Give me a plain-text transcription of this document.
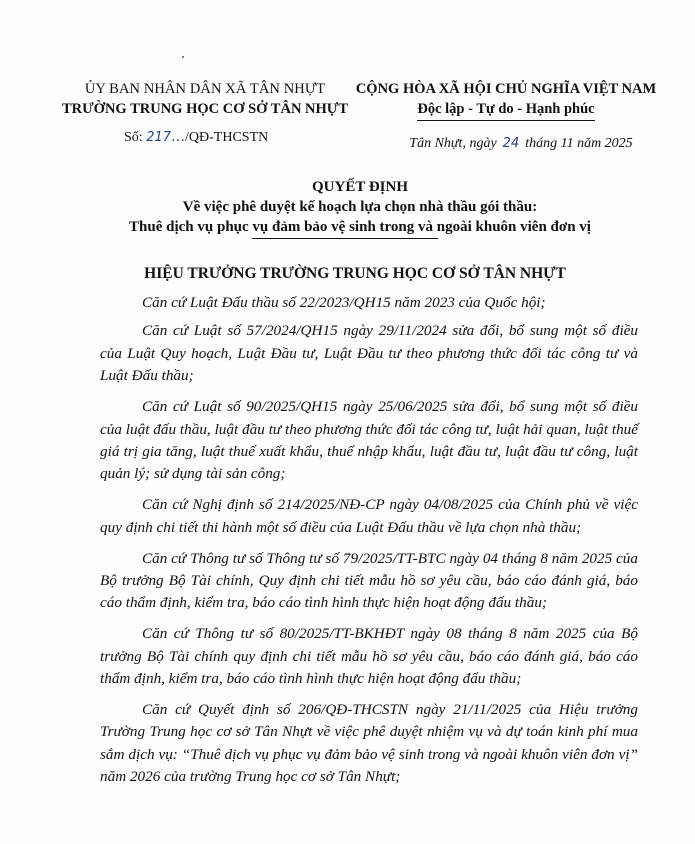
ỦY BAN NHÂN DÂN XÃ TÂN NHỰT
TRƯỜNG TRUNG HỌC CƠ SỞ TÂN NHỰT
Số: 217…/QĐ-THCSTN
CỘNG HÒA XÃ HỘI CHỦ NGHĨA VIỆT NAM
Độc lập - Tự do - Hạnh phúc
Tân Nhựt, ngày 24 tháng 11 năm 2025
QUYẾT ĐỊNH
Về việc phê duyệt kế hoạch lựa chọn nhà thầu gói thầu:
Thuê dịch vụ phục vụ đảm bảo vệ sinh trong và ngoài khuôn viên đơn vị
HIỆU TRƯỞNG TRƯỜNG TRUNG HỌC CƠ SỞ TÂN NHỰT

Căn cứ Luật Đấu thầu số 22/2023/QH15 năm 2023 của Quốc hội;

Căn cứ Luật số 57/2024/QH15 ngày 29/11/2024 sửa đổi, bổ sung một số điều của Luật Quy hoạch, Luật Đầu tư, Luật Đầu tư theo phương thức đối tác công tư và Luật Đấu thầu;

Căn cứ Luật số 90/2025/QH15 ngày 25/06/2025 sửa đổi, bổ sung một số điều của luật đấu thầu, luật đầu tư theo phương thức đối tác công tư, luật hải quan, luật thuế giá trị gia tăng, luật thuế xuất khẩu, thuế nhập khẩu, luật đầu tư, luật đầu tư công, luật quản lý; sử dụng tài sản công;

Căn cứ Nghị định số 214/2025/NĐ-CP ngày 04/08/2025 của Chính phủ về việc quy định chi tiết thi hành một số điều của Luật Đấu thầu về lựa chọn nhà thầu;

Căn cứ Thông tư số Thông tư số 79/2025/TT-BTC ngày 04 tháng 8 năm 2025 của Bộ trưởng Bộ Tài chính, Quy định chi tiết mẫu hồ sơ yêu cầu, báo cáo đánh giá, báo cáo thẩm định, kiểm tra, báo cáo tình hình thực hiện hoạt động đấu thầu;

Căn cứ Thông tư số 80/2025/TT-BKHĐT ngày 08 tháng 8 năm 2025 của Bộ trưởng Bộ Tài chính quy định chi tiết mẫu hồ sơ yêu cầu, báo cáo đánh giá, báo cáo thẩm định, kiểm tra, báo cáo tình hình thực hiện hoạt động đấu thầu;

Căn cứ Quyết định số 206/QĐ-THCSTN ngày 21/11/2025 của Hiệu trưởng Trường Trung học cơ sở Tân Nhựt về việc phê duyệt nhiệm vụ và dự toán kinh phí mua sắm dịch vụ: “Thuê dịch vụ phục vụ đảm bảo vệ sinh trong và ngoài khuôn viên đơn vị” năm 2026 của trường Trung học cơ sở Tân Nhựt;
